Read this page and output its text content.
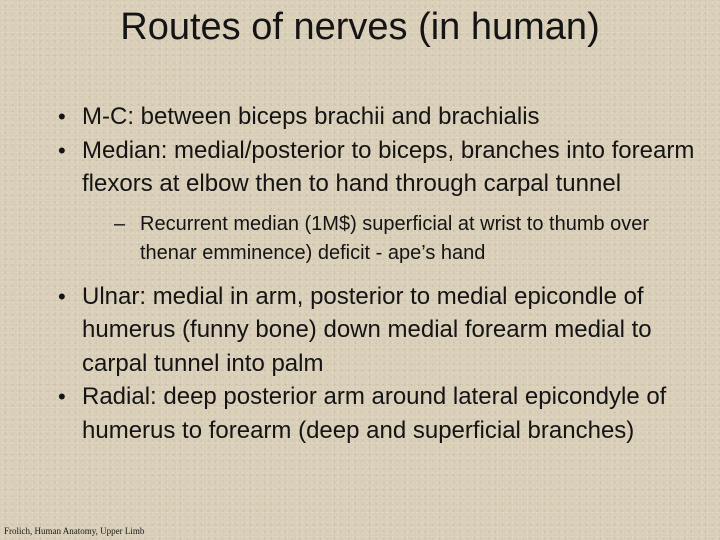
Routes of nerves (in human)
• M-C: between biceps brachii and brachialis
• Median: medial/posterior to biceps, branches into forearm flexors at elbow then to hand through carpal tunnel
– Recurrent median (1M$) superficial at wrist to thumb over thenar emminence) deficit - ape’s hand
• Ulnar: medial in arm, posterior to medial epicondle of humerus (funny bone) down medial forearm medial to carpal tunnel into palm
• Radial: deep posterior arm around lateral epicondyle of humerus to forearm (deep and superficial branches)
Frolich, Human Anatomy, Upper Limb
